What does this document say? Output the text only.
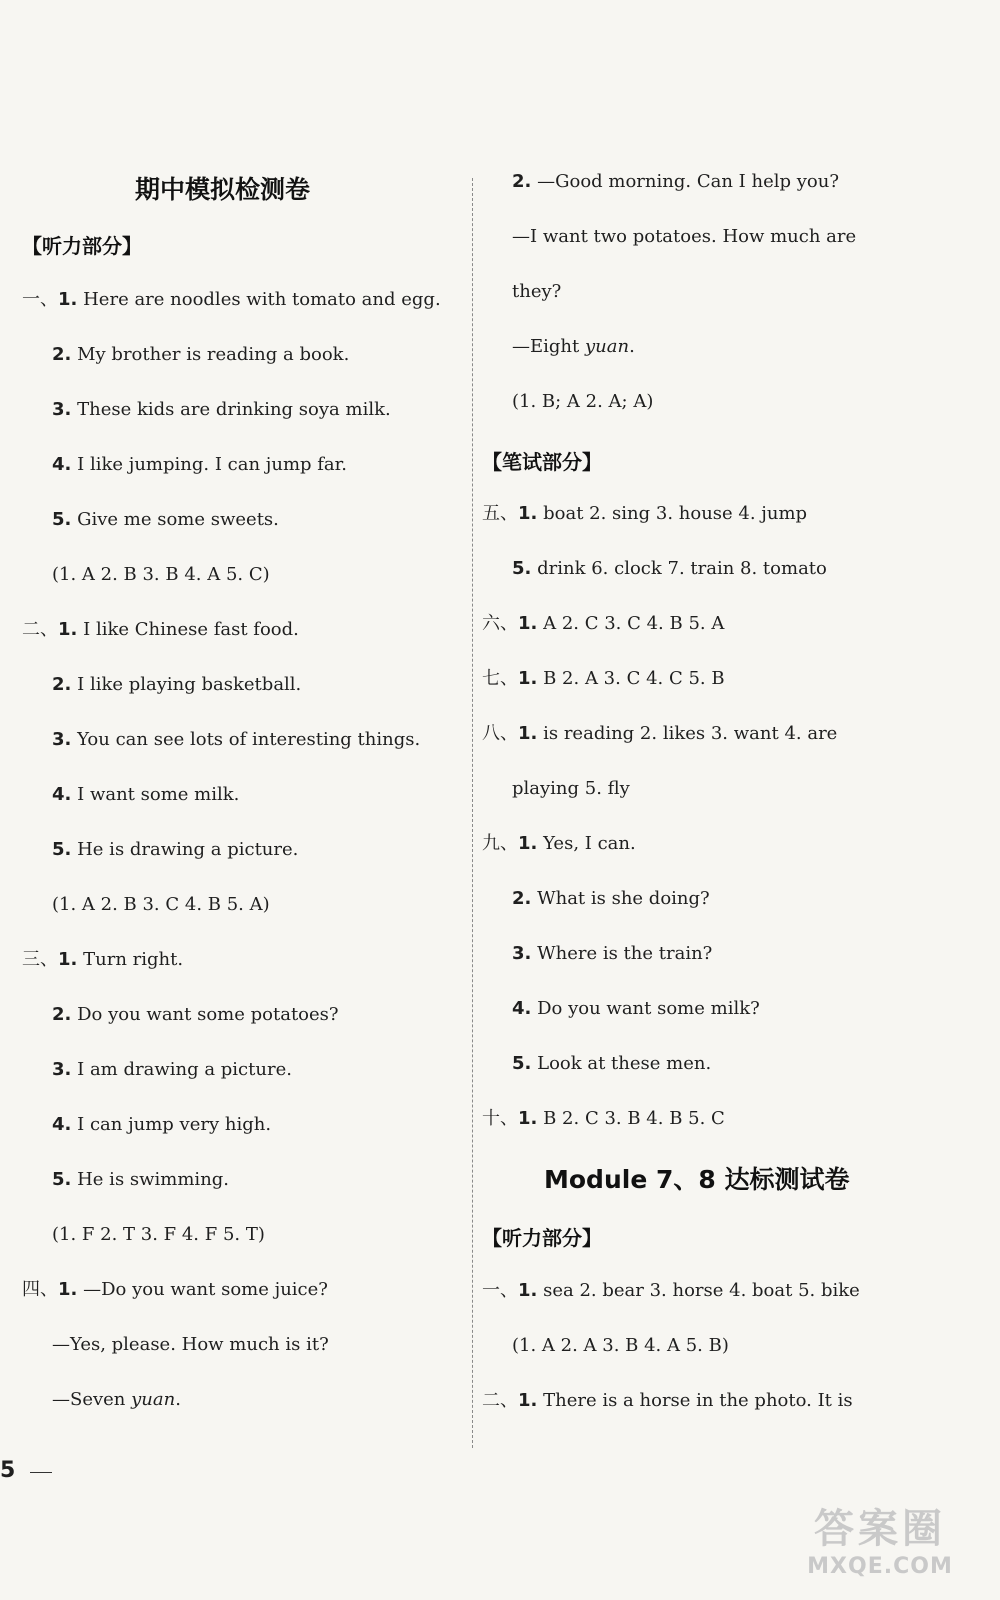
期中模拟检测卷
【听力部分】
一、1. Here are noodles with tomato and egg.
2. My brother is reading a book.
3. These kids are drinking soya milk.
4. I like jumping. I can jump far.
5. Give me some sweets.
(1. A 2. B 3. B 4. A 5. C)
二、1. I like Chinese fast food.
2. I like playing basketball.
3. You can see lots of interesting things.
4. I want some milk.
5. He is drawing a picture.
(1. A 2. B 3. C 4. B 5. A)
三、1. Turn right.
2. Do you want some potatoes?
3. I am drawing a picture.
4. I can jump very high.
5. He is swimming.
(1. F 2. T 3. F 4. F 5. T)
四、1. —Do you want some juice?
—Yes, please. How much is it?
—Seven yuan.
2. —Good morning. Can I help you?
—I want two potatoes. How much are
they?
—Eight yuan.
(1. B; A 2. A; A)
【笔试部分】
五、1. boat 2. sing 3. house 4. jump
5. drink 6. clock 7. train 8. tomato
六、1. A 2. C 3. C 4. B 5. A
七、1. B 2. A 3. C 4. C 5. B
八、1. is reading 2. likes 3. want 4. are
playing 5. fly
九、1. Yes, I can.
2. What is she doing?
3. Where is the train?
4. Do you want some milk?
5. Look at these men.
十、1. B 2. C 3. B 4. B 5. C
Module 7、8 达标测试卷
【听力部分】
一、1. sea 2. bear 3. horse 4. boat 5. bike
(1. A 2. A 3. B 4. A 5. B)
二、1. There is a horse in the photo. It is
5
答案圈
MXQE.COM
